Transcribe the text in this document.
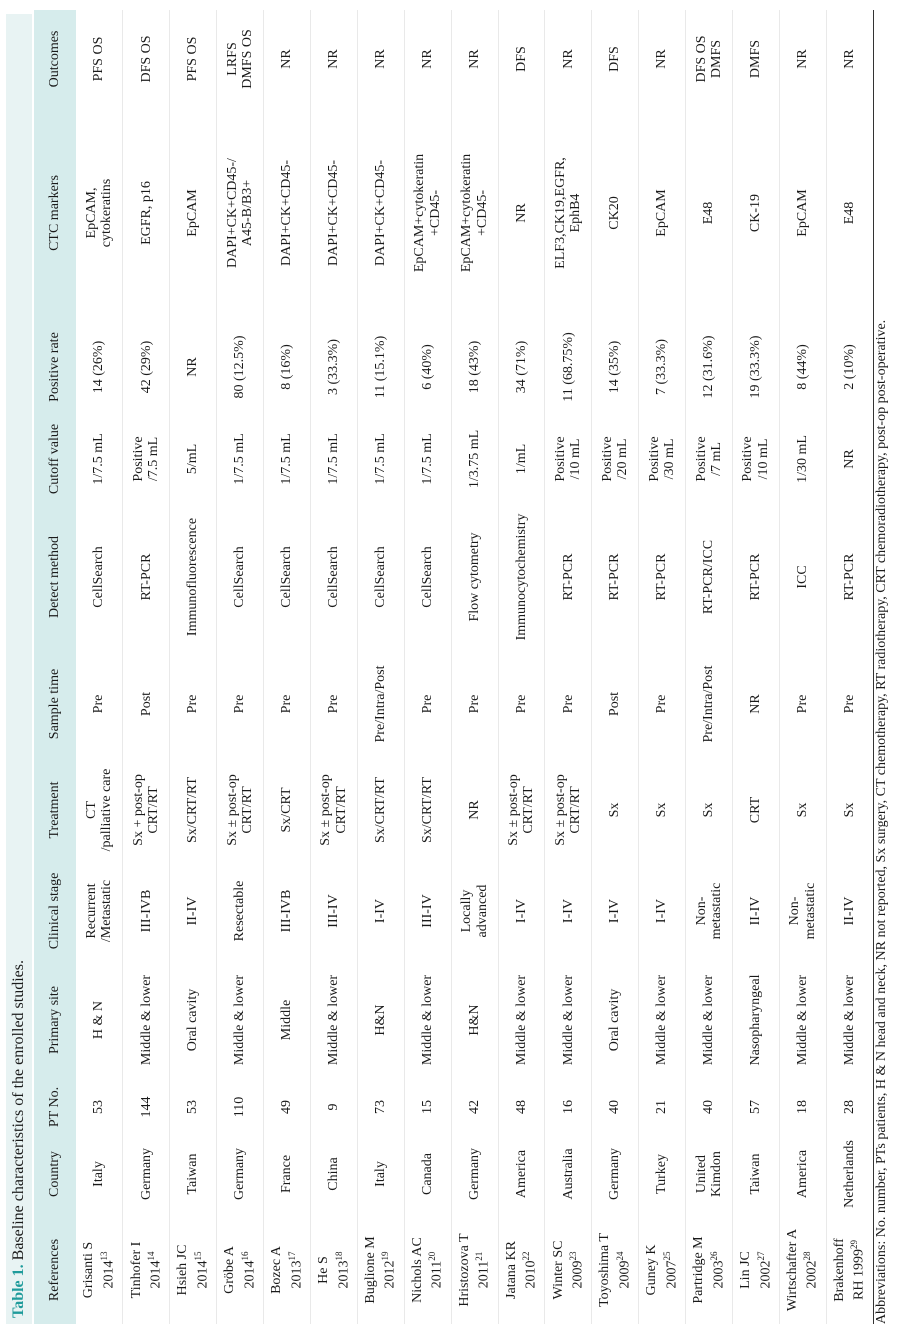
Table 1. Baseline characteristics of the enrolled studies.
References	Country	PT No.	Primary site	Clinical stage	Treatment	Sample time	Detect method	Cutoff value	Positive rate	CTC markers	Outcomes
Grisanti S 2014$^{13}$	Italy	53	H & N	Recurrent
/Metastatic	CT
/palliative care	Pre	CellSearch	1/7.5 mL	14 (26%)	EpCAM,
cytokeratins	PFS OS
Tinhofer I 2014$^{14}$	Germany	144	Middle & lower	III-IVB	Sx + post-op
CRT/RT	Post	RT-PCR	Positive
/7.5 mL	42 (29%)	EGFR, p16	DFS OS
Hsieh JC 2014$^{15}$	Taiwan	53	Oral cavity	II-IV	Sx/CRT/RT	Pre	Immunofluorescence	5/mL	NR	EpCAM	PFS OS
Gröbe A 2014$^{16}$	Germany	110	Middle & lower	Resectable	Sx ± post-op
CRT/RT	Pre	CellSearch	1/7.5 mL	80 (12.5%)	DAPI+CK+CD45-/
A45-B/B3+	LRFS
DMFS OS
Bozec A 2013$^{17}$	France	49	Middle	III-IVB	Sx/CRT	Pre	CellSearch	1/7.5 mL	8 (16%)	DAPI+CK+CD45-	NR
He S 2013$^{18}$	China	9	Middle & lower	III-IV	Sx ± post-op
CRT/RT	Pre	CellSearch	1/7.5 mL	3 (33.3%)	DAPI+CK+CD45-	NR
Buglione M 2012$^{19}$	Italy	73	H&N	I-IV	Sx/CRT/RT	Pre/Intra/Post	CellSearch	1/7.5 mL	11 (15.1%)	DAPI+CK+CD45-	NR
Nichols AC 2011$^{20}$	Canada	15	Middle & lower	III-IV	Sx/CRT/RT	Pre	CellSearch	1/7.5 mL	6 (40%)	EpCAM+cytokeratin
+CD45-	NR
Hristozova T 2011$^{21}$	Germany	42	H&N	Locally
advanced	NR	Pre	Flow cytometry	1/3.75 mL	18 (43%)	EpCAM+cytokeratin
+CD45-	NR
Jatana KR 2010$^{22}$	America	48	Middle & lower	I-IV	Sx ± post-op
CRT/RT	Pre	Immunocytochemistry	1/mL	34 (71%)	NR	DFS
Winter SC 2009$^{23}$	Australia	16	Middle & lower	I-IV	Sx ± post-op
CRT/RT	Pre	RT-PCR	Positive
/10 mL	11 (68.75%)	ELF3,CK19,EGFR,
EphB4	NR
Toyoshima T 2009$^{24}$	Germany	40	Oral cavity	I-IV	Sx	Post	RT-PCR	Positive
/20 mL	14 (35%)	CK20	DFS
Guney K 2007$^{25}$	Turkey	21	Middle & lower	I-IV	Sx	Pre	RT-PCR	Positive
/30 mL	7 (33.3%)	EpCAM	NR
Partridge M 2003$^{26}$	United
Kimdon	40	Middle & lower	Non-
metastatic	Sx	Pre/Intra/Post	RT-PCR/ICC	Positive
/7 mL	12 (31.6%)	E48	DFS OS
DMFS
Lin JC 2002$^{27}$	Taiwan	57	Nasopharyngeal	II-IV	CRT	NR	RT-PCR	Positive
/10 mL	19 (33.3%)	CK-19	DMFS
Wirtschafter A 2002$^{28}$	America	18	Middle & lower	Non-
metastatic	Sx	Pre	ICC	1/30 mL	8 (44%)	EpCAM	NR
Brakenhoff RH 1999$^{29}$	Netherlands	28	Middle & lower	II-IV	Sx	Pre	RT-PCR	NR	2 (10%)	E48	NR
Abbreviations: No. number, PTs patients, H & N head and neck, NR not reported, Sx surgery, CT chemotherapy, RT radiotherapy, CRT chemoradiotherapy, post-op post-operative.
